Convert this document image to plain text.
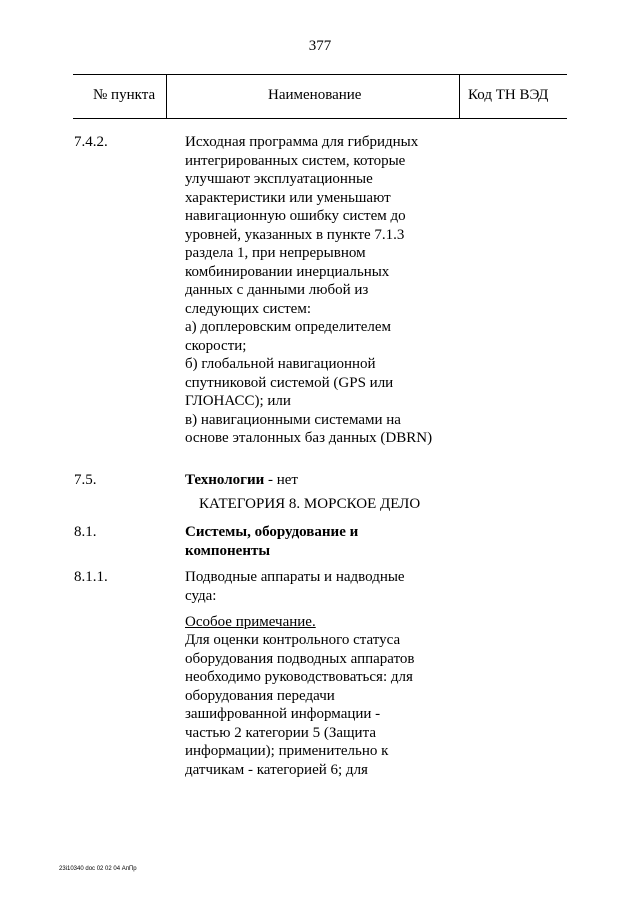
377
№ пункта	Наименование	Код ТН ВЭД
7.4.2.	Исходная программа для гибридных
интегрированных систем, которые
улучшают эксплуатационные
характеристики или уменьшают
навигационную ошибку систем до
уровней, указанных в пункте 7.1.3
раздела 1, при непрерывном
комбинировании инерциальных
данных с данными любой из
следующих систем:
а) доплеровским определителем
скорости;
б) глобальной навигационной
спутниковой системой (GPS или
ГЛОНАСС); или
в) навигационными системами на
основе эталонных баз данных (DBRN)
7.5.	Технологии - нет
КАТЕГОРИЯ 8. МОРСКОЕ ДЕЛО
8.1.	Системы, оборудование и
компоненты
8.1.1.	Подводные аппараты и надводные
суда:
Особое примечание.
Для оценки контрольного статуса
оборудования подводных аппаратов
необходимо руководствоваться: для
оборудования передачи
зашифрованной информации -
частью 2 категории 5 (Защита
информации); применительно к
датчикам - категорией 6; для
23i10340 doc 02 02 04 АпПр
